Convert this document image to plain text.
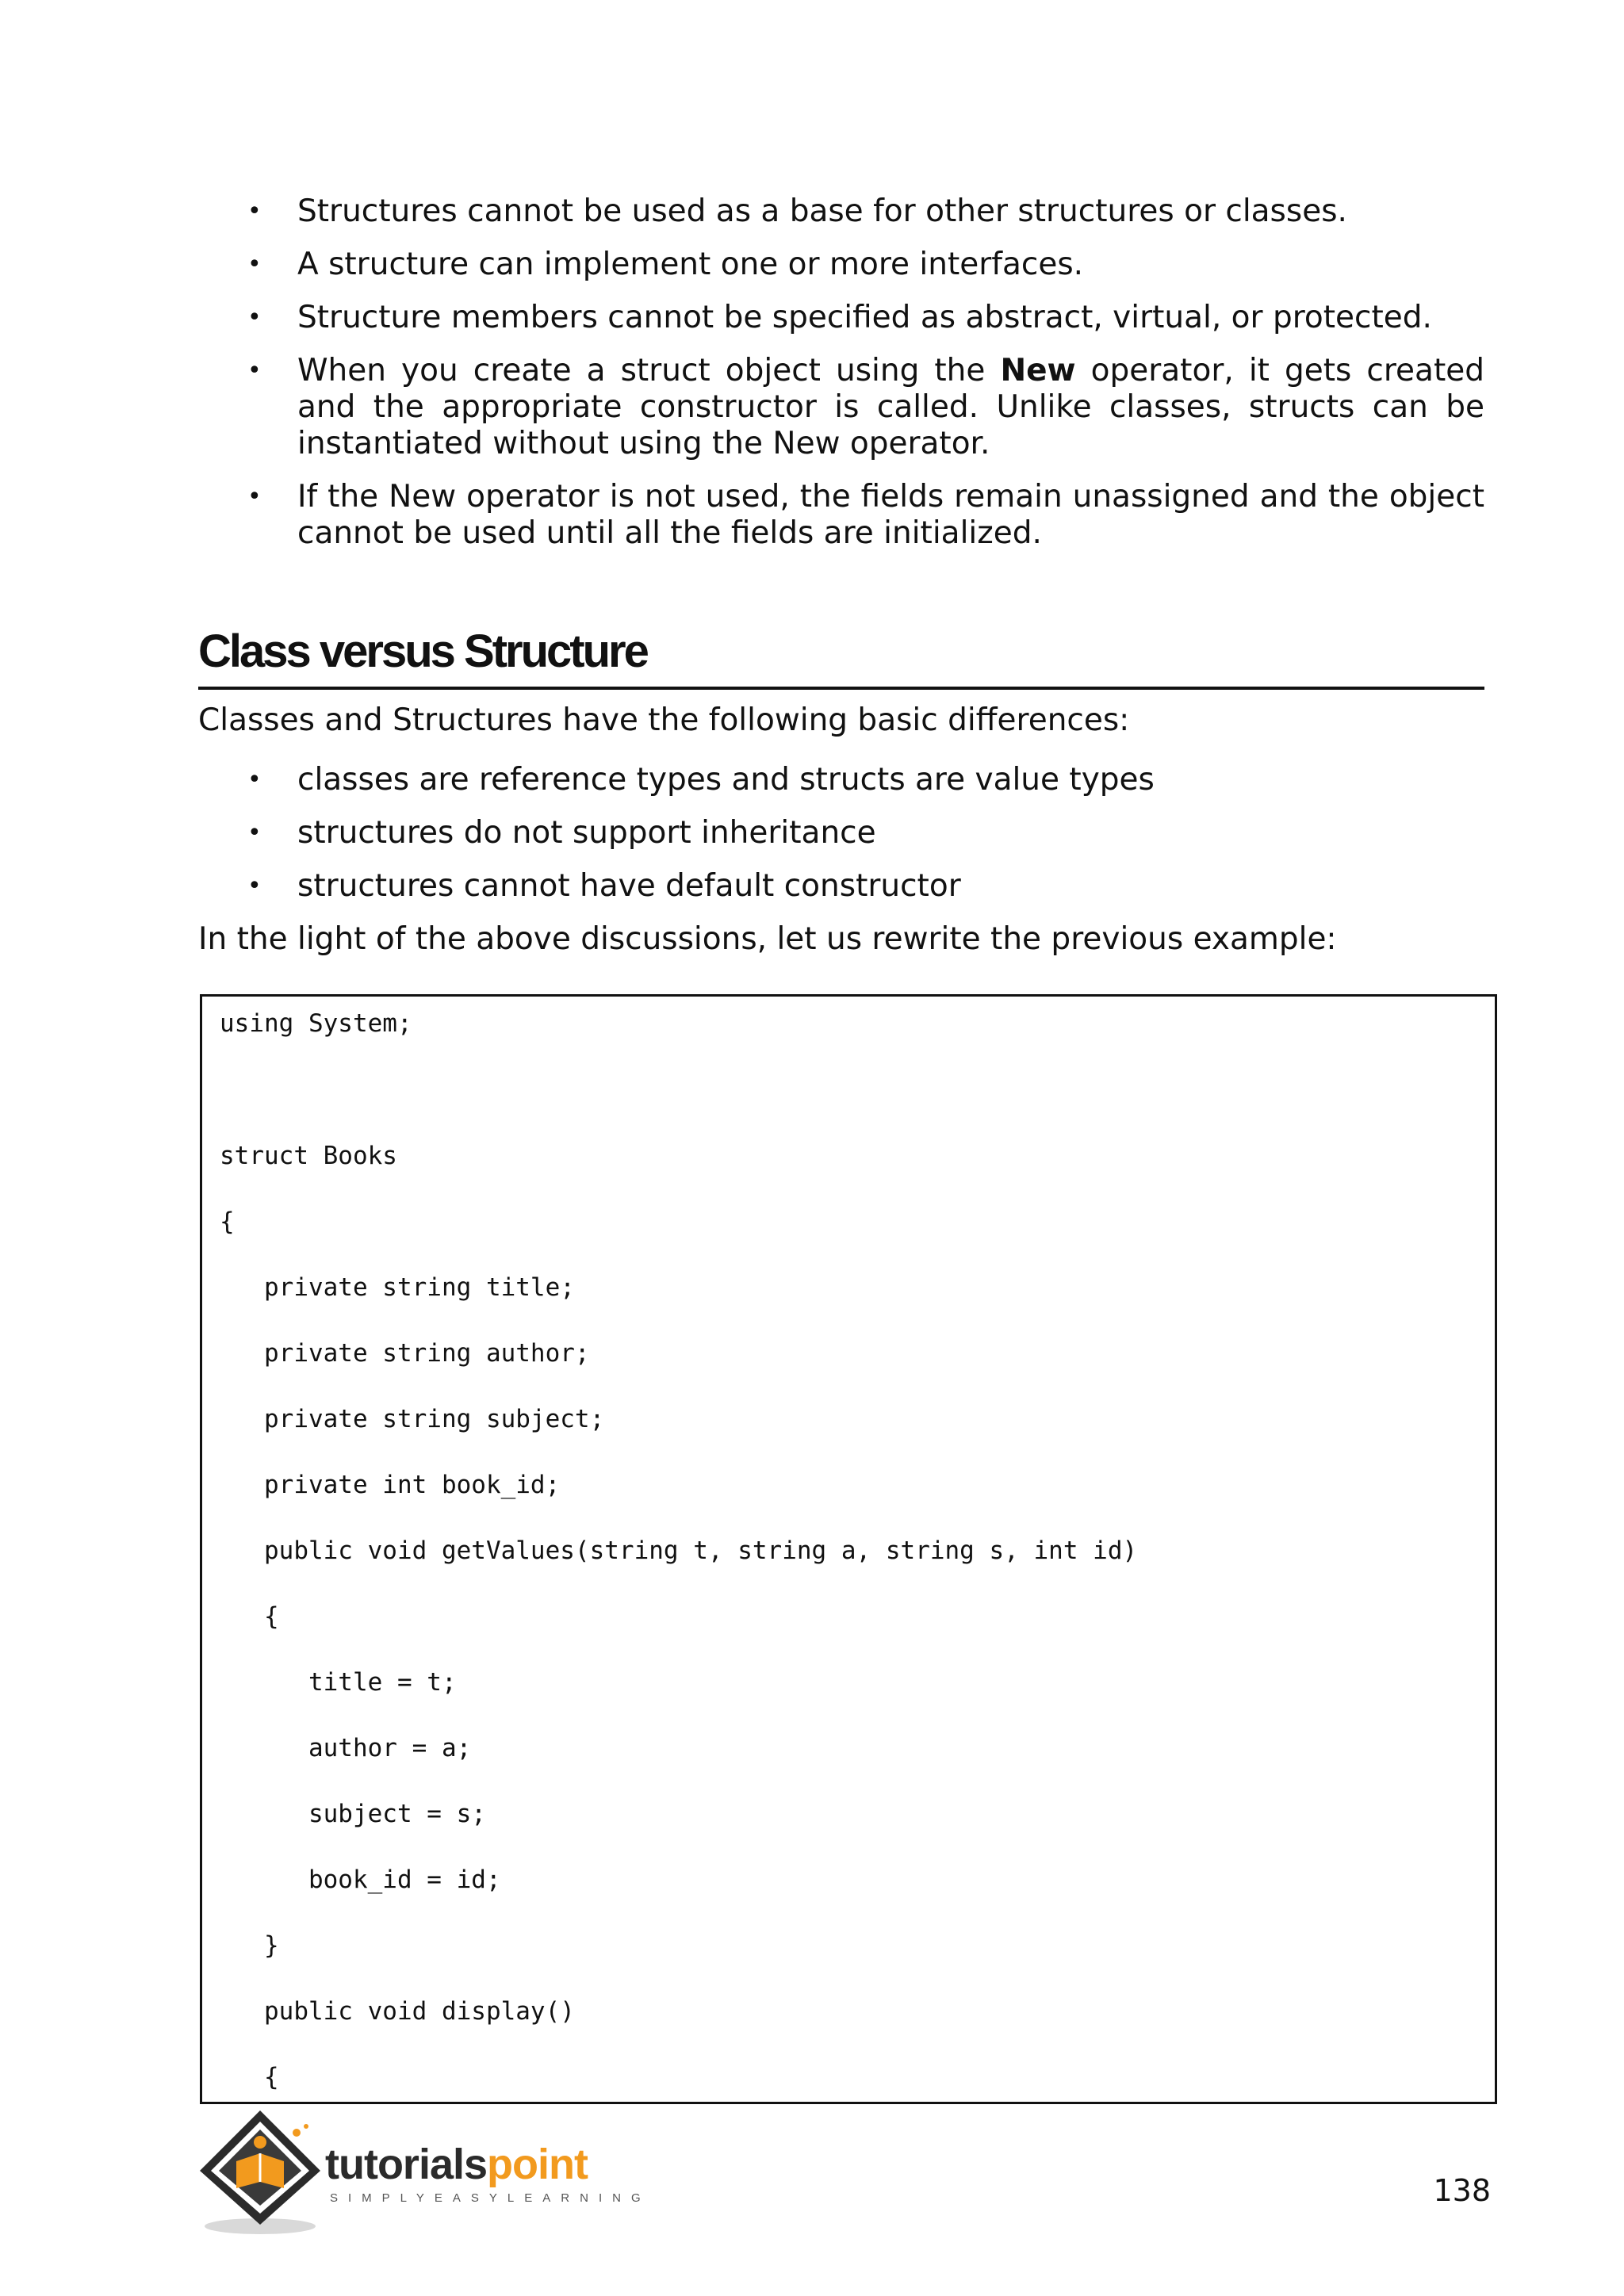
• Structures cannot be used as a base for other structures or classes.
• A structure can implement one or more interfaces.
• Structure members cannot be specified as abstract, virtual, or protected.
• When you create a struct object using the New operator, it gets created and the appropriate constructor is called. Unlike classes, structs can be instantiated without using the New operator.
• If the New operator is not used, the fields remain unassigned and the object cannot be used until all the fields are initialized.
Class versus Structure
Classes and Structures have the following basic differences:
• classes are reference types and structs are value types
• structures do not support inheritance
• structures cannot have default constructor
In the light of the above discussions, let us rewrite the previous example:
using System;
struct Books
{
private string title;
private string author;
private string subject;
private int book_id;
public void getValues(string t, string a, string s, int id)
{
title = t;
author = a;
subject = s;
book_id = id;
}
public void display()
{
tutorialspoint
SIMPLYEASYLEARNING	138
